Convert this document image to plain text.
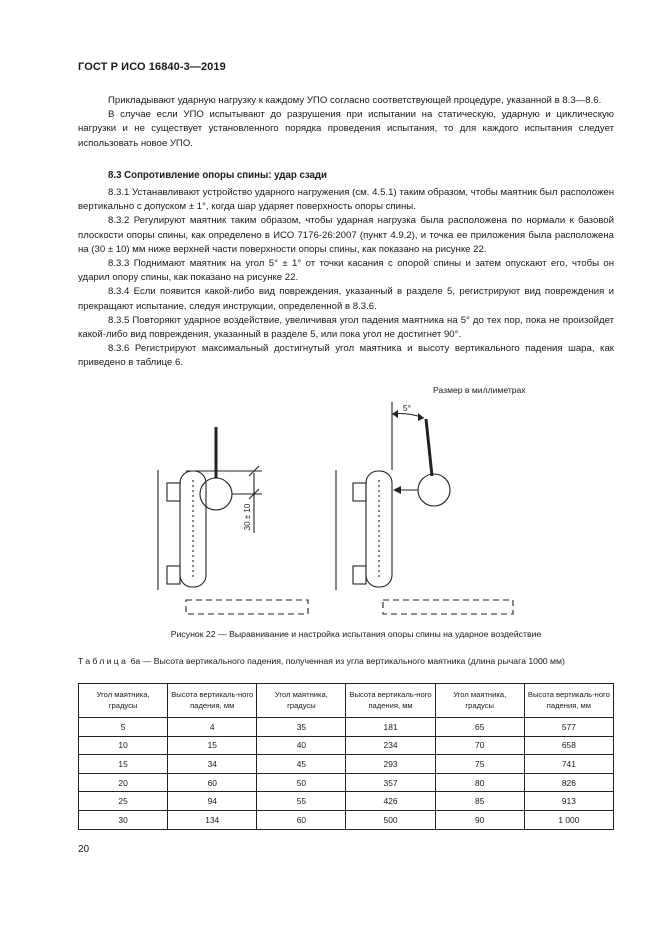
ГОСТ Р ИСО 16840-3—2019

Прикладывают ударную нагрузку к каждому УПО согласно соответствующей процедуре, указанной в 8.3—8.6.

В случае если УПО испытывают до разрушения при испытании на статическую, ударную и циклическую нагрузки и не существует установленного порядка проведения испытания, то для каждого испытания следует использовать новое УПО.

8.3 Сопротивление опоры спины: удар сзади

8.3.1 Устанавливают устройство ударного нагружения (см. 4.5.1) таким образом, чтобы маятник был расположен вертикально с допуском ± 1°, когда шар ударяет поверхность опоры спины.

8.3.2 Регулируют маятник таким образом, чтобы ударная нагрузка была расположена по нормали к базовой плоскости опоры спины, как определено в ИСО 7176-26:2007 (пункт 4.9.2), и точка ее приложения была расположена на (30 ± 10) мм ниже верхней части поверхности опоры спины, как показано на рисунке 22.

8.3.3 Поднимают маятник на угол 5° ± 1° от точки касания с опорой спины и затем опускают его, чтобы он ударил опору спины, как показано на рисунке 22.

8.3.4 Если появится какой-либо вид повреждения, указанный в разделе 5, регистрируют вид повреждения и прекращают испытание, следуя инструкции, определенной в 8.3.6.

8.3.5 Повторяют ударное воздействие, увеличивая угол падения маятника на 5° до тех пор, пока не произойдет какой-либо вид повреждения, указанный в разделе 5, или пока угол не достигнет 90°.

8.3.6 Регистрируют максимальный достигнутый угол маятника и высоту вертикального падения шара, как приведено в таблице 6.

Размер в миллиметрах
30 ± 10
5°
Рисунок 22 — Выравнивание и настройка испытания опоры спины на ударное воздействие
Таблица 6а — Высота вертикального падения, полученная из угла вертикального маятника (длина рычага 1000 мм)
Угол маятника, градусы	Высота вертикаль-ного падения, мм	Угол маятника, градусы	Высота вертикаль-ного падения, мм	Угол маятника, градусы	Высота вертикаль-ного падения, мм
5	4	35	181	65	577
10	15	40	234	70	658
15	34	45	293	75	741
20	60	50	357	80	826
25	94	55	426	85	913
30	134	60	500	90	1 000
20
